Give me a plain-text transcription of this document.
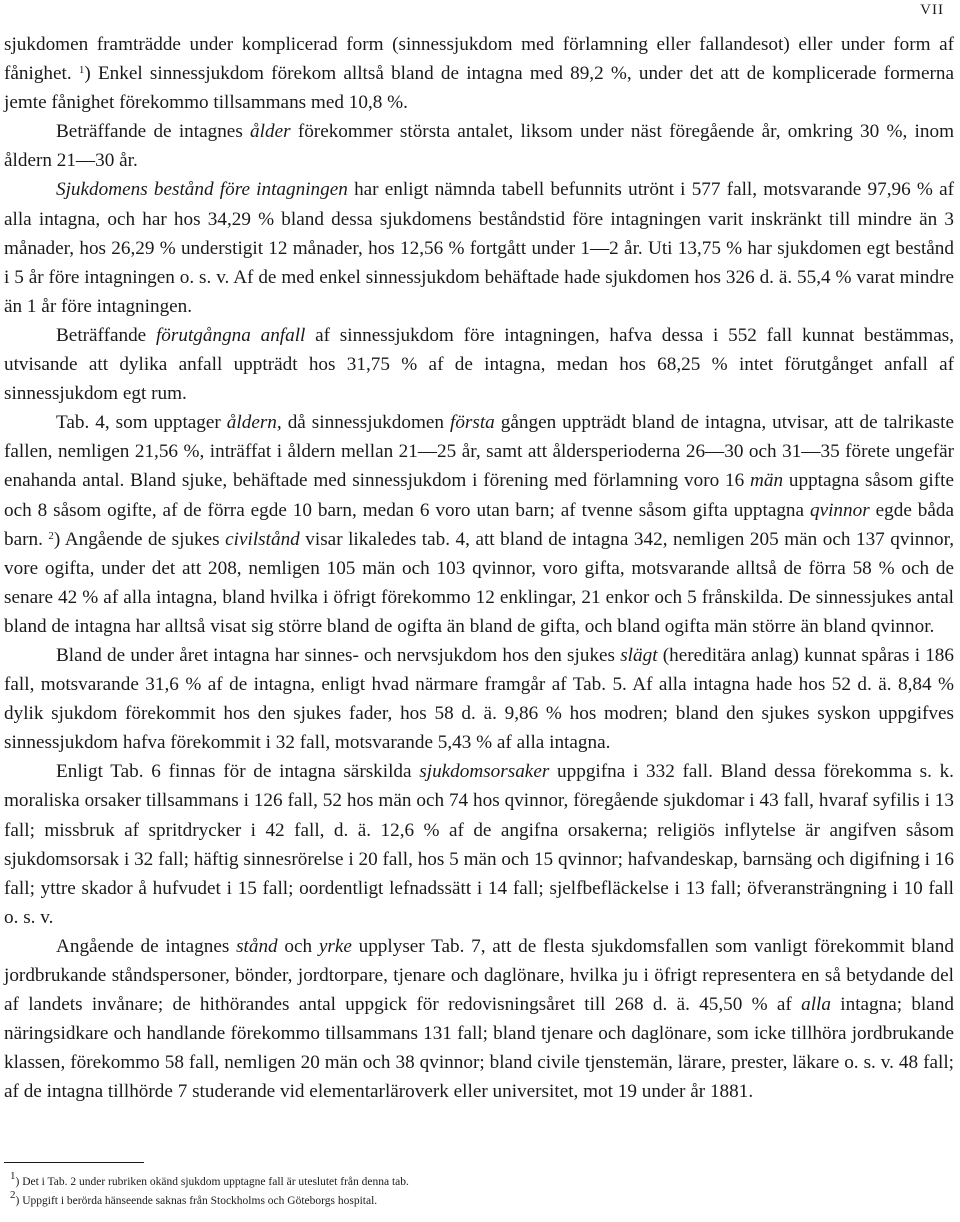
VII

sjukdomen framträdde under komplicerad form (sinnessjukdom med förlamning eller fallandesot) eller under form af fånighet. $^1$) Enkel sinnessjukdom förekom alltså bland de intagna med 89,2 %, under det att de komplicerade formerna jemte fånighet förekommo tillsammans med 10,8 %.

Beträffande de intagnes ålder förekommer största antalet, liksom under näst föregående år, omkring 30 %, inom åldern 21—30 år.

Sjukdomens bestånd före intagningen har enligt nämnda tabell befunnits utrönt i 577 fall, motsvarande 97,96 % af alla intagna, och har hos 34,29 % bland dessa sjukdomens beståndstid före intagningen varit inskränkt till mindre än 3 månader, hos 26,29 % understigit 12 månader, hos 12,56 % fortgått under 1—2 år. Uti 13,75 % har sjukdomen egt bestånd i 5 år före intagningen o. s. v. Af de med enkel sinnessjukdom behäftade hade sjukdomen hos 326 d. ä. 55,4 % varat mindre än 1 år före intagningen.

Beträffande förutgångna anfall af sinnessjukdom före intagningen, hafva dessa i 552 fall kunnat bestämmas, utvisande att dylika anfall uppträdt hos 31,75 % af de intagna, medan hos 68,25 % intet förutgånget anfall af sinnessjukdom egt rum.

Tab. 4, som upptager åldern, då sinnessjukdomen första gången uppträdt bland de intagna, utvisar, att de talrikaste fallen, nemligen 21,56 %, inträffat i åldern mellan 21—25 år, samt att åldersperioderna 26—30 och 31—35 förete ungefär enahanda antal. Bland sjuke, behäftade med sinnessjukdom i förening med förlamning voro 16 män upptagna såsom gifte och 8 såsom ogifte, af de förra egde 10 barn, medan 6 voro utan barn; af tvenne såsom gifta upptagna qvinnor egde båda barn. $^2$) Angående de sjukes civilstånd visar likaledes tab. 4, att bland de intagna 342, nemligen 205 män och 137 qvinnor, vore ogifta, under det att 208, nemligen 105 män och 103 qvinnor, voro gifta, motsvarande alltså de förra 58 % och de senare 42 % af alla intagna, bland hvilka i öfrigt förekommo 12 enklingar, 21 enkor och 5 frånskilda. De sinnessjukes antal bland de intagna har alltså visat sig större bland de ogifta än bland de gifta, och bland ogifta män större än bland qvinnor.

Bland de under året intagna har sinnes- och nervsjukdom hos den sjukes slägt (hereditära anlag) kunnat spåras i 186 fall, motsvarande 31,6 % af de intagna, enligt hvad närmare framgår af Tab. 5. Af alla intagna hade hos 52 d. ä. 8,84 % dylik sjukdom förekommit hos den sjukes fader, hos 58 d. ä. 9,86 % hos modren; bland den sjukes syskon uppgifves sinnessjukdom hafva förekommit i 32 fall, motsvarande 5,43 % af alla intagna.

Enligt Tab. 6 finnas för de intagna särskilda sjukdomsorsaker uppgifna i 332 fall. Bland dessa förekomma s. k. moraliska orsaker tillsammans i 126 fall, 52 hos män och 74 hos qvinnor, föregående sjukdomar i 43 fall, hvaraf syfilis i 13 fall; missbruk af spritdrycker i 42 fall, d. ä. 12,6 % af de angifna orsakerna; religiös inflytelse är angifven såsom sjukdomsorsak i 32 fall; häftig sinnesrörelse i 20 fall, hos 5 män och 15 qvinnor; hafvandeskap, barnsäng och digifning i 16 fall; yttre skador å hufvudet i 15 fall; oordentligt lefnadssätt i 14 fall; sjelfbefläckelse i 13 fall; öfveransträngning i 10 fall o. s. v.

Angående de intagnes stånd och yrke upplyser Tab. 7, att de flesta sjukdomsfallen som vanligt förekommit bland jordbrukande ståndspersoner, bönder, jordtorpare, tjenare och daglönare, hvilka ju i öfrigt representera en så betydande del af landets invånare; de hithörandes antal uppgick för redovisningsåret till 268 d. ä. 45,50 % af alla intagna; bland näringsidkare och handlande förekommo tillsammans 131 fall; bland tjenare och daglönare, som icke tillhöra jordbrukande klassen, förekommo 58 fall, nemligen 20 män och 38 qvinnor; bland civile tjenstemän, lärare, prester, läkare o. s. v. 48 fall; af de intagna tillhörde 7 studerande vid elementarläroverk eller universitet, mot 19 under år 1881.

$^1$) Det i Tab. 2 under rubriken okänd sjukdom upptagne fall är uteslutet från denna tab.

$^2$) Uppgift i berörda hänseende saknas från Stockholms och Göteborgs hospital.
